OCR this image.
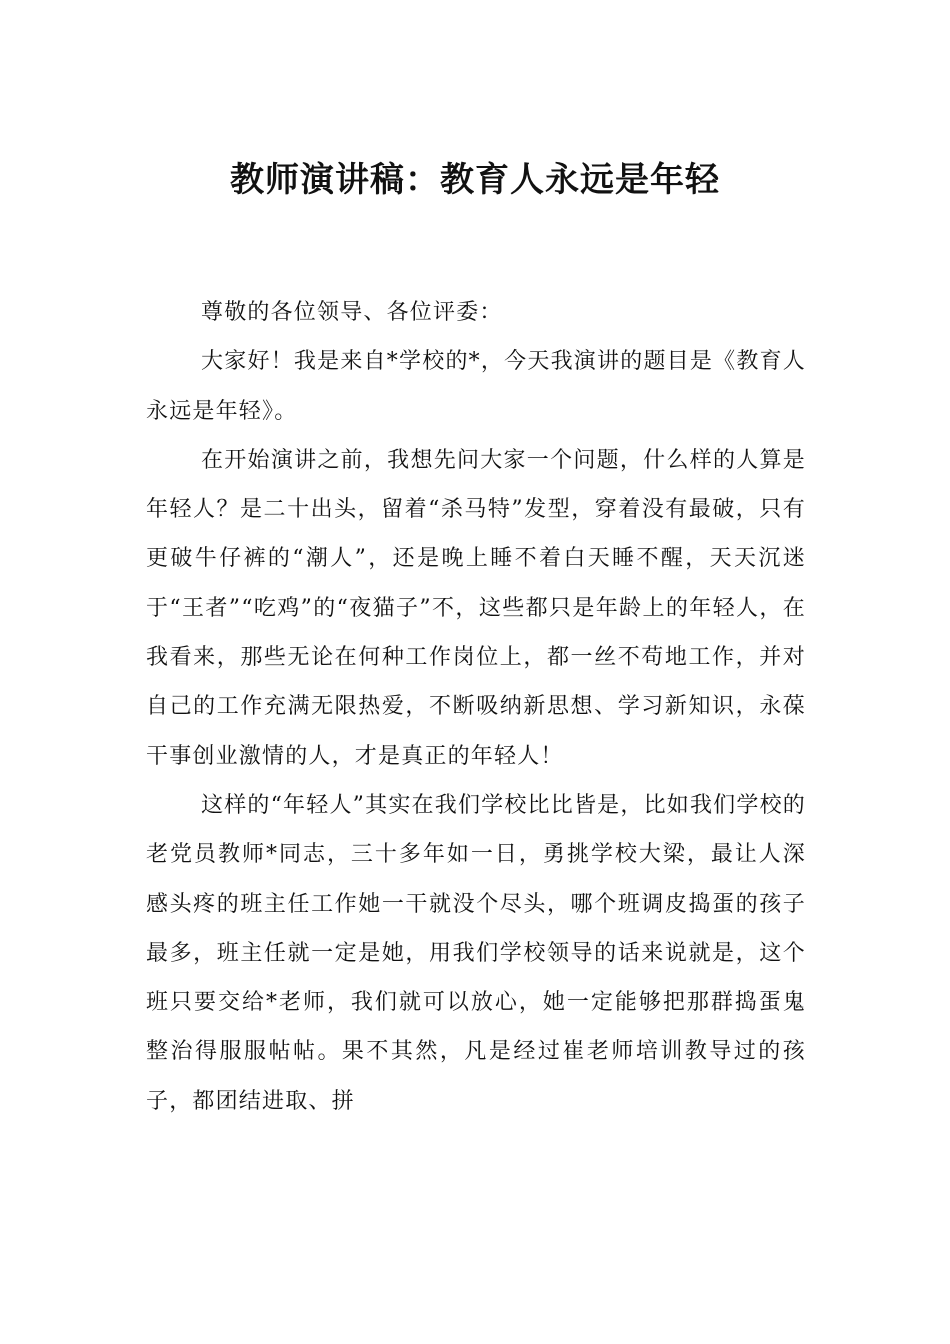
教师演讲稿：教育人永远是年轻

尊敬的各位领导、各位评委：

大家好！我是来自*学校的*，今天我演讲的题目是《教育人永远是年轻》。

在开始演讲之前，我想先问大家一个问题，什么样的人算是年轻人？是二十出头，留着“杀马特”发型，穿着没有最破，只有更破牛仔裤的“潮人”，还是晚上睡不着白天睡不醒，天天沉迷于“王者”“吃鸡”的“夜猫子”不，这些都只是年龄上的年轻人，在我看来，那些无论在何种工作岗位上，都一丝不苟地工作，并对自己的工作充满无限热爱，不断吸纳新思想、学习新知识，永葆干事创业激情的人，才是真正的年轻人！

这样的“年轻人”其实在我们学校比比皆是，比如我们学校的老党员教师*同志，三十多年如一日，勇挑学校大梁，最让人深感头疼的班主任工作她一干就没个尽头，哪个班调皮捣蛋的孩子最多，班主任就一定是她，用我们学校领导的话来说就是，这个班只要交给*老师，我们就可以放心，她一定能够把那群捣蛋鬼整治得服服帖帖。果不其然，凡是经过崔老师培训教导过的孩子，都团结进取、拼
